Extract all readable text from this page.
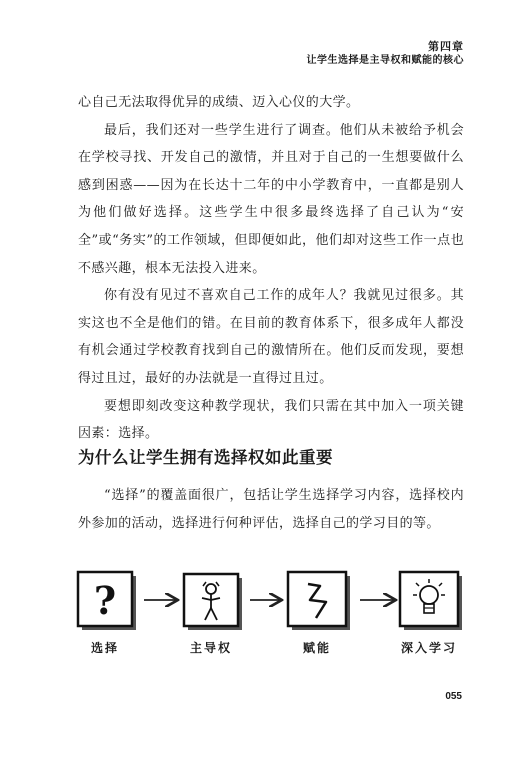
第四章
让学生选择是主导权和赋能的核心

心自己无法取得优异的成绩、迈入心仪的大学。

最后，我们还对一些学生进行了调查。他们从未被给予机会在学校寻找、开发自己的激情，并且对于自己的一生想要做什么感到困惑——因为在长达十二年的中小学教育中，一直都是别人为他们做好选择。这些学生中很多最终选择了自己认为“安全”或“务实”的工作领域，但即便如此，他们却对这些工作一点也不感兴趣，根本无法投入进来。

你有没有见过不喜欢自己工作的成年人？我就见过很多。其实这也不全是他们的错。在目前的教育体系下，很多成年人都没有机会通过学校教育找到自己的激情所在。他们反而发现，要想得过且过，最好的办法就是一直得过且过。

要想即刻改变这种教学现状，我们只需在其中加入一项关键因素：选择。

为什么让学生拥有选择权如此重要

“选择”的覆盖面很广，包括让学生选择学习内容，选择校内外参加的活动，选择进行何种评估，选择自己的学习目的等。

?
选择	主导权	赋能	深入学习
055
